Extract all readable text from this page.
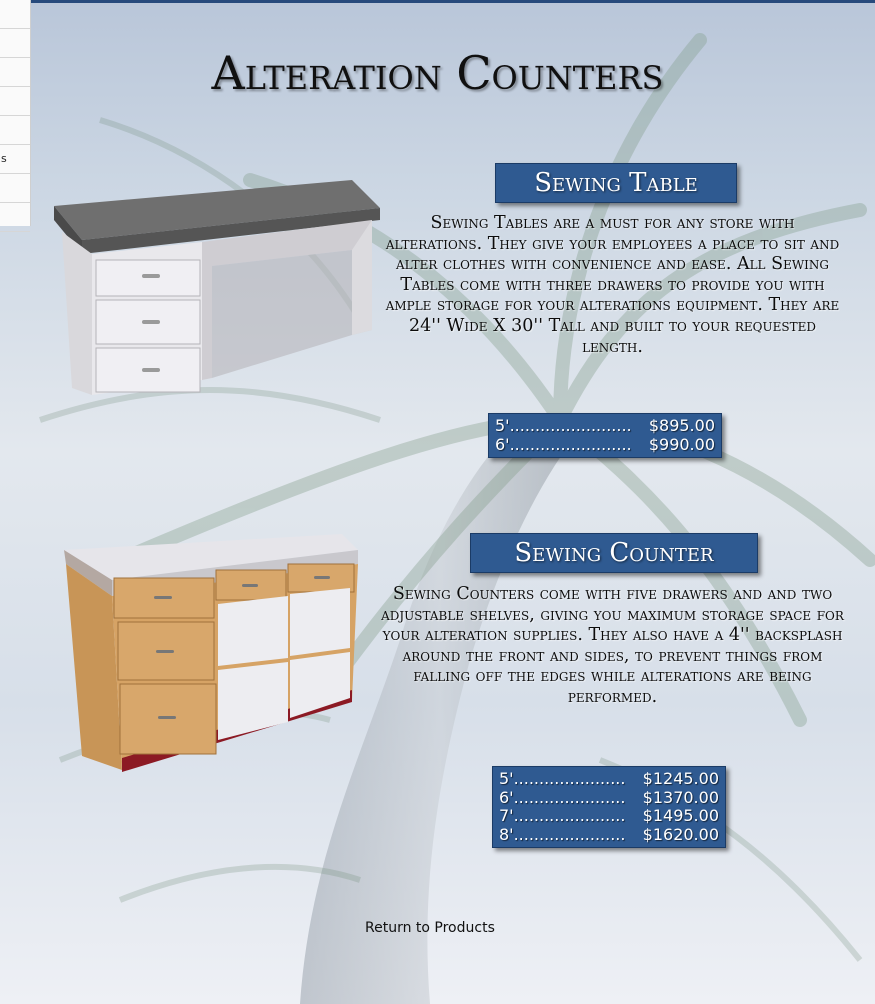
s
Alteration Counters
Sewing Table
Sewing Tables are a must for any store with alterations. They give your employees a place to sit and alter clothes with convenience and ease. All Sewing Tables come with three drawers to provide you with ample storage for your alterations equipment. They are 24'' Wide X 30'' Tall and built to your requested length.
5' ........................	$895.00
6' ........................	$990.00
Sewing Counter
Sewing Counters come with five drawers and and two adjustable shelves, giving you maximum storage space for your alteration supplies. They also have a 4'' backsplash around the front and sides, to prevent things from falling off the edges while alterations are being performed.
5' ......................	$1245.00
6' ......................	$1370.00
7' ......................	$1495.00
8' ......................	$1620.00
Return to Products
